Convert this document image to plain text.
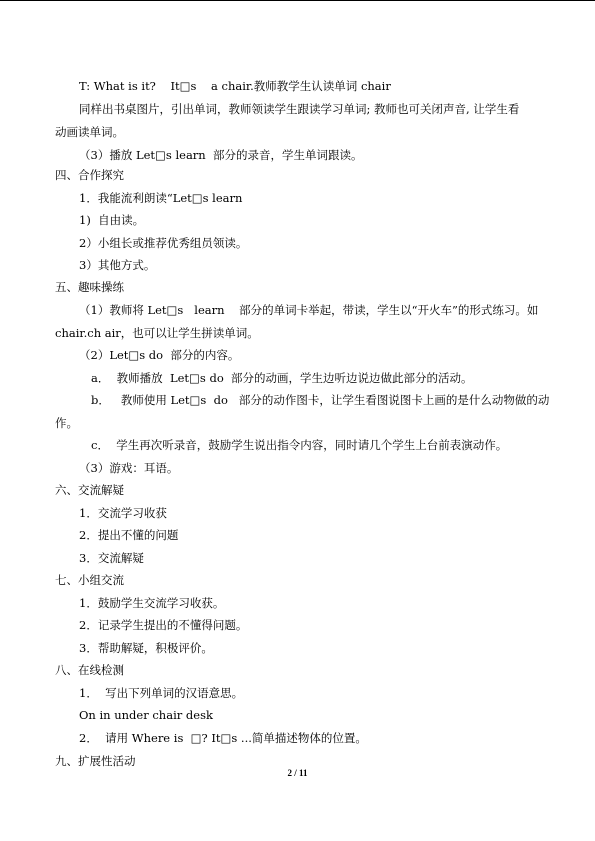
T: What is it?    It□s    a chair.教师教学生认读单词 chair
同样出书桌图片，引出单词，教师领读学生跟读学习单词; 教师也可关闭声音, 让学生看
动画读单词。
（3）播放 Let□s learn  部分的录音，学生单词跟读。
四、合作探究
1．我能流利朗读“Let□s learn
1)  自由读。
2）小组长或推荐优秀组员领读。
3）其他方式。
五、趣味操练
（1）教师将 Let□s   learn    部分的单词卡举起，带读，学生以“开火车”的形式练习。如
chair.ch air，也可以让学生拼读单词。
（2）Let□s do  部分的内容。
a．  教师播放  Let□s do  部分的动画，学生边听边说边做此部分的活动。
b．   教师使用 Let□s  do   部分的动作图卡，让学生看图说图卡上画的是什么动物做的动
作。
c．  学生再次听录音，鼓励学生说出指令内容，同时请几个学生上台前表演动作。
（3）游戏：耳语。
六、交流解疑
1．交流学习收获
2．提出不懂的问题
3．交流解疑
七、小组交流
1．鼓励学生交流学习收获。
2．记录学生提出的不懂得问题。
3．帮助解疑，积极评价。
八、在线检测
1．  写出下列单词的汉语意思。
On in under chair desk
2．  请用 Where is  □? It□s ...简单描述物体的位置。
九、扩展性活动
2 / 11
